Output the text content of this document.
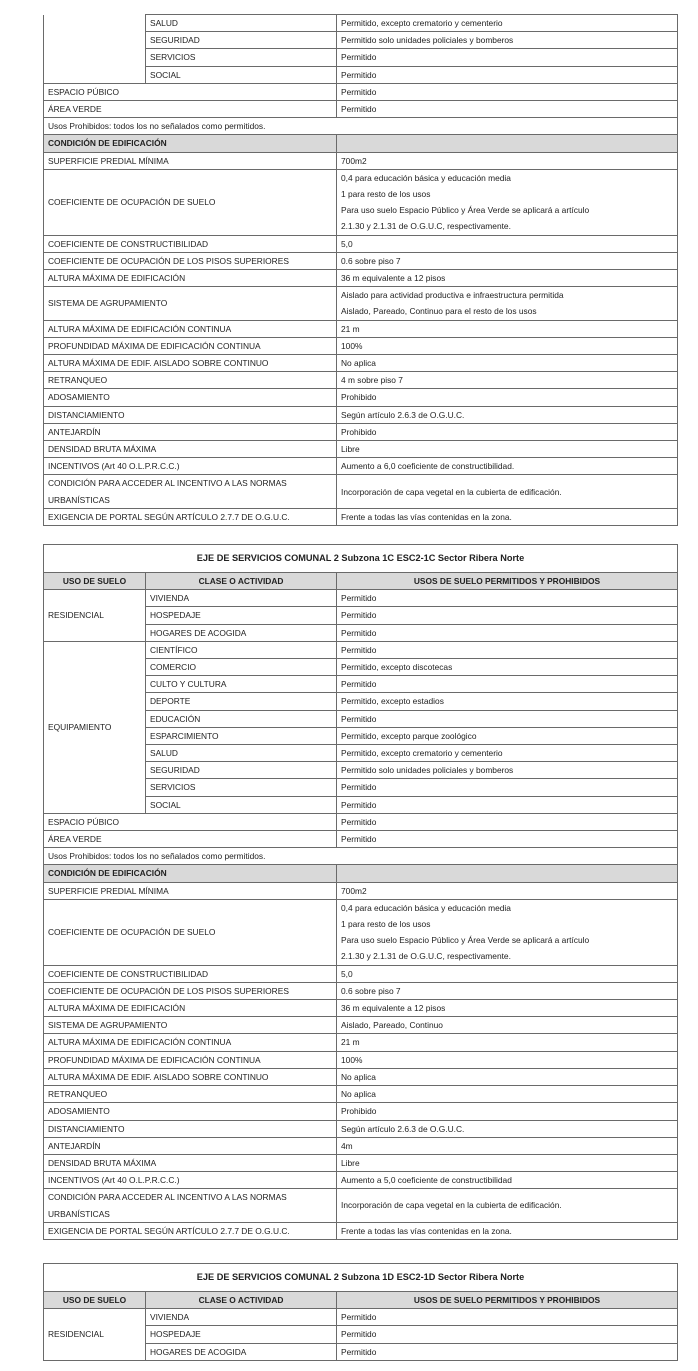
	SALUD	Permitido, excepto crematorio y cementerio
	SEGURIDAD	Permitido solo unidades policiales y bomberos
	SERVICIOS	Permitido
	SOCIAL	Permitido
ESPACIO PÚBICO		Permitido
ÁREA VERDE		Permitido
Usos Prohibidos: todos los no señalados como permitidos.		
CONDICIÓN DE EDIFICACIÓN		

SUPERFICIE PREDIAL MÍNIMA		700m2

COEFICIENTE DE OCUPACIÓN DE SUELO		0,4 para educación básica y educación media
1 para resto de los usos
Para uso suelo Espacio Público y Área Verde se aplicará a artículo
2.1.30 y 2.1.31 de O.G.U.C, respectivamente.

COEFICIENTE DE CONSTRUCTIBILIDAD		5,0

COEFICIENTE DE OCUPACIÓN DE LOS PISOS SUPERIORES		0.6 sobre piso 7

ALTURA MÁXIMA DE EDIFICACIÓN		36 m equivalente a 12 pisos

SISTEMA DE AGRUPAMIENTO		Aislado para actividad productiva e infraestructura permitida
Aislado, Pareado, Continuo para el resto de los usos

ALTURA MÁXIMA DE EDIFICACIÓN CONTINUA		21 m

PROFUNDIDAD MÁXIMA DE EDIFICACIÓN CONTINUA		100%

ALTURA MÁXIMA DE EDIF. AISLADO SOBRE CONTINUO		No aplica

RETRANQUEO		4 m sobre piso 7

ADOSAMIENTO		Prohibido

DISTANCIAMIENTO		Según artículo 2.6.3 de O.G.U.C.

ANTEJARDÍN		Prohibido

DENSIDAD BRUTA MÁXIMA		Libre

INCENTIVOS (Art 40 O.L.P.R.C.C.)		Aumento a 6,0 coeficiente de constructibilidad.

CONDICIÓN PARA ACCEDER AL INCENTIVO A LAS NORMAS
URBANÍSTICAS		Incorporación de capa vegetal en la cubierta de edificación.

EXIGENCIA DE PORTAL SEGÚN ARTÍCULO 2.7.7 DE O.G.U.C.		Frente a todas las vías contenidas en la zona.
EJE DE SERVICIOS COMUNAL 2 Subzona 1C ESC2-1C Sector Ribera Norte		
USO DE SUELO	CLASE O ACTIVIDAD	USOS DE SUELO PERMITIDOS Y PROHIBIDOS
RESIDENCIAL	VIVIENDA	Permitido
	HOSPEDAJE	Permitido
	HOGARES DE ACOGIDA	Permitido
EQUIPAMIENTO	CIENTÍFICO	Permitido
	COMERCIO	Permitido, excepto discotecas
	CULTO Y CULTURA	Permitido
	DEPORTE	Permitido, excepto estadios
	EDUCACIÓN	Permitido
	ESPARCIMIENTO	Permitido, excepto parque zoológico
	SALUD	Permitido, excepto crematorio y cementerio
	SEGURIDAD	Permitido solo unidades policiales y bomberos
	SERVICIOS	Permitido
	SOCIAL	Permitido
ESPACIO PÚBICO		Permitido
ÁREA VERDE		Permitido
Usos Prohibidos: todos los no señalados como permitidos.		
CONDICIÓN DE EDIFICACIÓN		

SUPERFICIE PREDIAL MÍNIMA		700m2

COEFICIENTE DE OCUPACIÓN DE SUELO		0,4 para educación básica y educación media
1 para resto de los usos
Para uso suelo Espacio Público y Área Verde se aplicará a artículo
2.1.30 y 2.1.31 de O.G.U.C, respectivamente.

COEFICIENTE DE CONSTRUCTIBILIDAD		5,0

COEFICIENTE DE OCUPACIÓN DE LOS PISOS SUPERIORES		0.6 sobre piso 7

ALTURA MÁXIMA DE EDIFICACIÓN		36 m equivalente a 12 pisos

SISTEMA DE AGRUPAMIENTO		Aislado, Pareado, Continuo

ALTURA MÁXIMA DE EDIFICACIÓN CONTINUA		21 m

PROFUNDIDAD MÁXIMA DE EDIFICACIÓN CONTINUA		100%

ALTURA MÁXIMA DE EDIF. AISLADO SOBRE CONTINUO		No aplica

RETRANQUEO		No aplica

ADOSAMIENTO		Prohibido

DISTANCIAMIENTO		Según artículo 2.6.3 de O.G.U.C.

ANTEJARDÍN		4m

DENSIDAD BRUTA MÁXIMA		Libre

INCENTIVOS (Art 40 O.L.P.R.C.C.)		Aumento a 5,0 coeficiente de constructibilidad

CONDICIÓN PARA ACCEDER AL INCENTIVO A LAS NORMAS
URBANÍSTICAS		Incorporación de capa vegetal en la cubierta de edificación.

EXIGENCIA DE PORTAL SEGÚN ARTÍCULO 2.7.7 DE O.G.U.C.		Frente a todas las vías contenidas en la zona.
EJE DE SERVICIOS COMUNAL 2 Subzona 1D ESC2-1D Sector Ribera Norte		
USO DE SUELO	CLASE O ACTIVIDAD	USOS DE SUELO PERMITIDOS Y PROHIBIDOS
RESIDENCIAL	VIVIENDA	Permitido
	HOSPEDAJE	Permitido
	HOGARES DE ACOGIDA	Permitido
